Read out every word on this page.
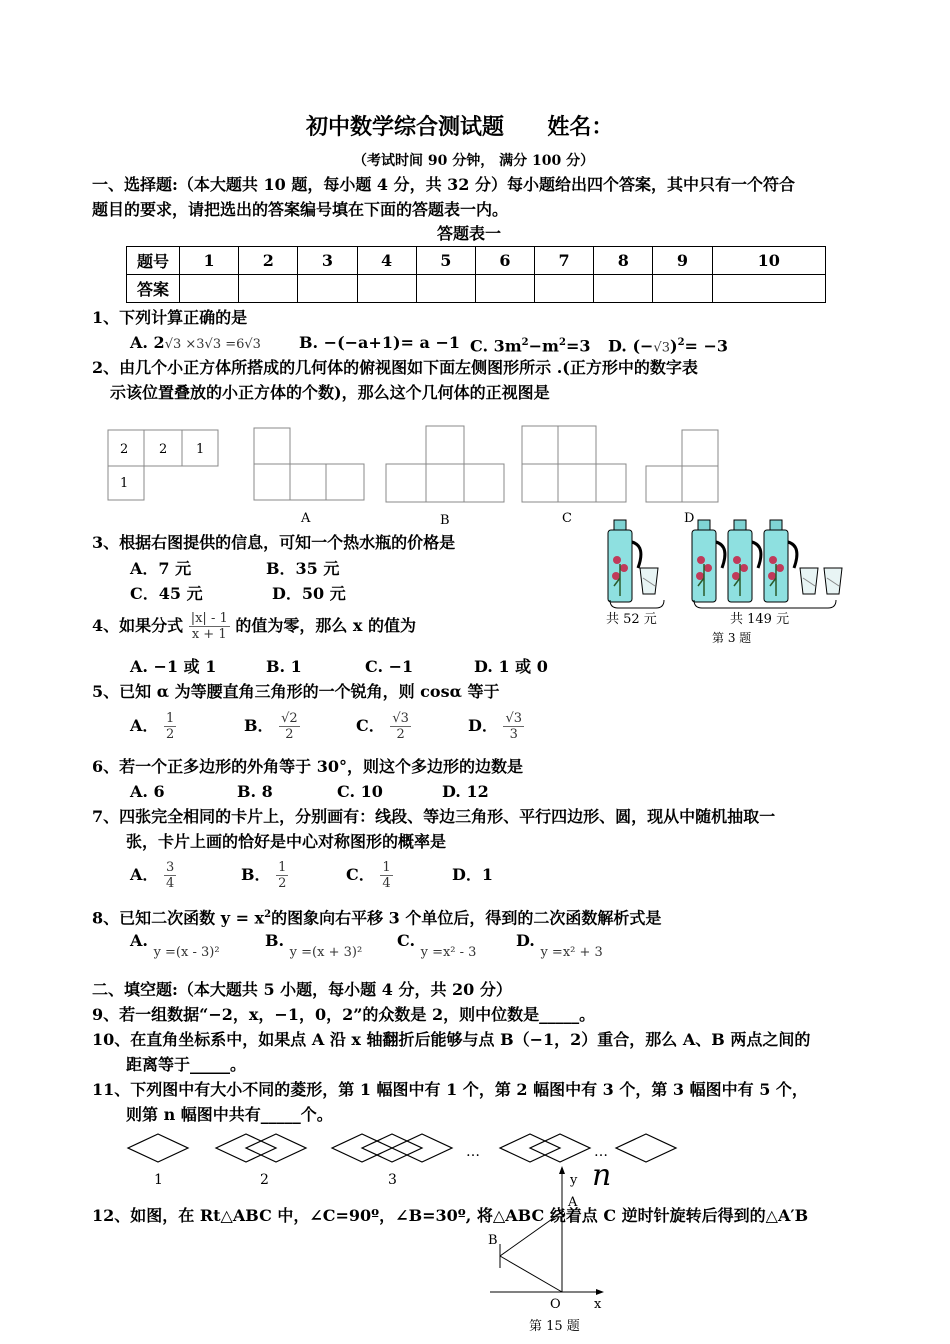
初中数学综合测试题 姓名：
（考试时间 90 分钟， 满分 100 分）
一、选择题:（本大题共 10 题，每小题 4 分，共 32 分）每小题给出四个答案，其中只有一个符合
题目的要求，请把选出的答案编号填在下面的答题表一内。
答题表一
题号	1	2	3	4	5	6	7	8	9	10
答案										
1、下列计算正确的是
A. 2√3 ×3√3 =6√3 B. −(−a+1)= a −1 C. $3m^2-m^2=3$ D. $(-√3)^2= -3$
2、由几个小正方体所搭成的几何体的俯视图如下面左侧图形所示 .(正方形中的数字表
示该位置叠放的小正方体的个数)，那么这个几何体的正视图是
2 2 1
1
A	B	C	D
3、根据右图提供的信息，可知一个热水瓶的价格是
A．7 元	B．35 元
C．45 元	D．50 元
共 52 元	共 149 元
第 3 题
4、如果分式 $\frac{|x| - 1}{x + 1}$ 的值为零，那么 x 的值为
A. −1 或 1	B. 1	C. −1	D. 1 或 0
5、已知 α 为等腰直角三角形的一个锐角，则 cosα 等于
A． $\frac{1}{2}$	B． $\frac{√2}{2}$	C． $\frac{√3}{2}$	D． $\frac{√3}{3}$
6、若一个正多边形的外角等于 30°，则这个多边形的边数是
A. 6	B. 8	C. 10	D. 12
7、四张完全相同的卡片上，分别画有：线段、等边三角形、平行四边形、圆，现从中随机抽取一
张，卡片上画的恰好是中心对称图形的概率是
A． $\frac{3}{4}$	B． $\frac{1}{2}$	C． $\frac{1}{4}$	D．1
8、已知二次函数 $y = x^2$的图象向右平移 3 个单位后，得到的二次函数解析式是
A. $_{y =(x - 3)^2}$
B. $_{y =(x + 3)^2}$
C. $_{y =x^2 - 3}$
D. $_{y =x^2 + 3}$
二、填空题:（本大题共 5 小题，每小题 4 分，共 20 分）
9、若一组数据“−2，x，−1，0，2”的众数是 2，则中位数是_____。
10、在直角坐标系中，如果点 A 沿 x 轴翻折后能够与点 B（−1，2）重合，那么 A、B 两点之间的
距离等于_____。
11、下列图中有大小不同的菱形，第 1 幅图中有 1 个，第 2 幅图中有 3 个，第 3 幅图中有 5 个，
则第 n 幅图中共有_____个。
…	…
1	2	3	y
A
B
O	x
第 15 题
n
12、如图，在 Rt△ABC 中，∠C=90º，∠B=30º, 将△ABC 绕着点 C 逆时针旋转后得到的△A′B
